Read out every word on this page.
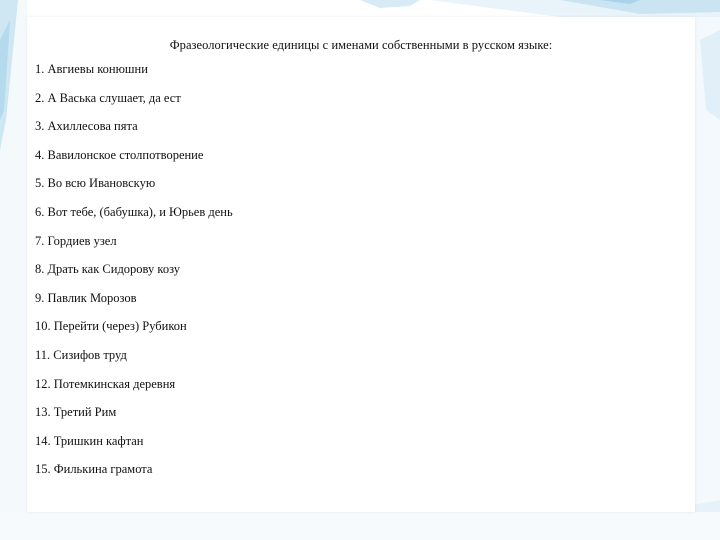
Фразеологические единицы с именами собственными в русском языке:
1. Авгиевы конюшни
2. А Васька слушает, да ест
3. Ахиллесова пята
4. Вавилонское столпотворение
5. Во всю Ивановскую
6. Вот тебе, (бабушка), и Юрьев день
7. Гордиев узел
8. Драть как Сидорову козу
9. Павлик Морозов
10. Перейти (через) Рубикон
11. Сизифов труд
12. Потемкинская деревня
13. Третий Рим
14. Тришкин кафтан
15. Филькина грамота
